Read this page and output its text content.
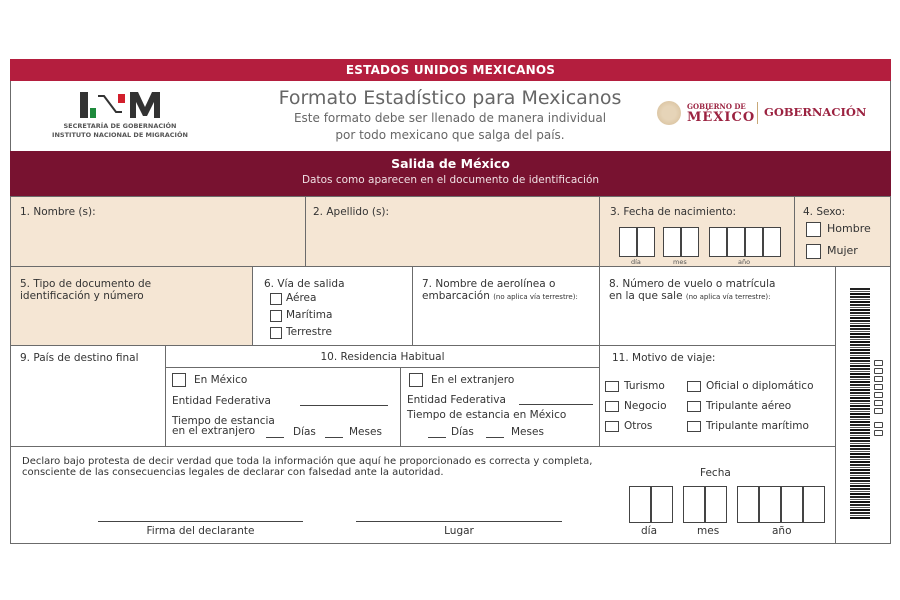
ESTADOS UNIDOS MEXICANOS
SECRETARÍA DE GOBERNACIÓN
INSTITUTO NACIONAL DE MIGRACIÓN
Formato Estadístico para Mexicanos
Este formato debe ser llenado de manera individual
por todo mexicano que salga del país.
GOBIERNO DE
MÉXICO GOBERNACIÓN
Salida de México
Datos como aparecen en el documento de identificación
1. Nombre (s):	2. Apellido (s):	3. Fecha de nacimiento:
día	mes	año
4. Sexo:
Hombre
Mujer
5. Tipo de documento de
identificación y número
6. Vía de salida
Aérea
Marítima
Terrestre
7. Nombre de aerolínea o
embarcación (no aplica vía terrestre):
8. Número de vuelo o matrícula
en la que sale (no aplica vía terrestre):
9. País de destino final	10. Residencia Habitual
En México
Entidad Federativa
Tiempo de estancia
en el extranjero	Días	Meses
En el extranjero
Entidad Federativa
Tiempo de estancia en México
Días	Meses
11. Motivo de viaje:
Turismo
Negocio
Otros
Oficial o diplomático
Tripulante aéreo
Tripulante marítimo
Declaro bajo protesta de decir verdad que toda la información que aquí he proporcionado es correcta y completa,
consciente de las consecuencias legales de declarar con falsedad ante la autoridad.
Firma del declarante	Lugar
Fecha
día	mes	año
